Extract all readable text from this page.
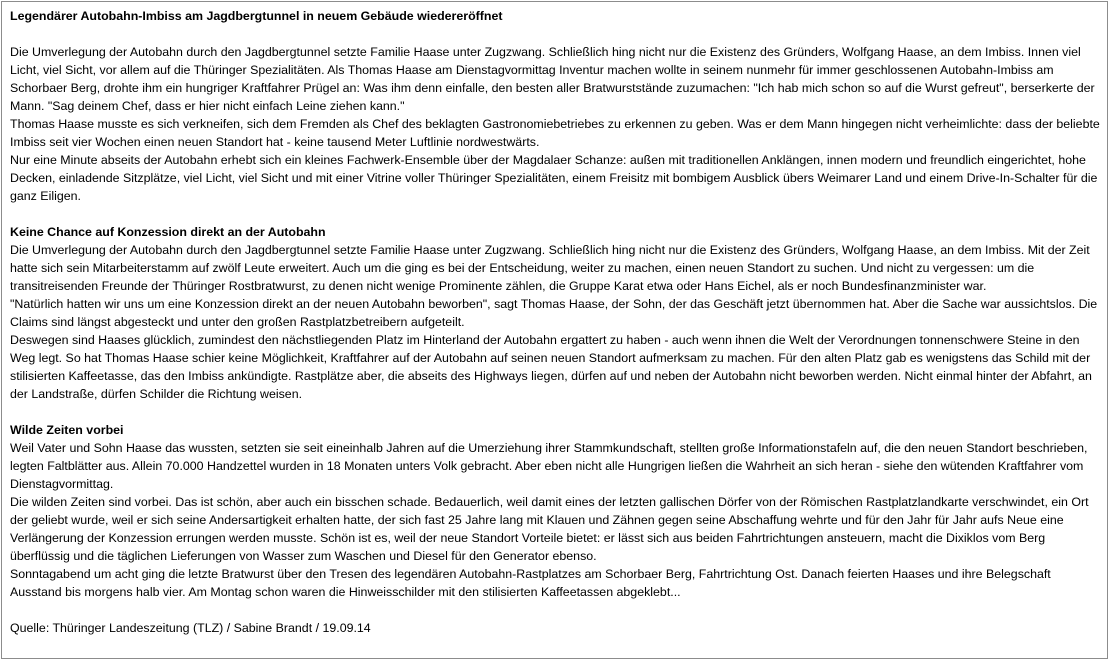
Legendärer Autobahn-Imbiss am Jagdbergtunnel in neuem Gebäude wiedereröffnet
Die Umverlegung der Autobahn durch den Jagdbergtunnel setzte Familie Haase unter Zugzwang. Schließlich hing nicht nur die Existenz des Gründers, Wolfgang Haase, an dem Imbiss. Innen viel Licht, viel Sicht, vor allem auf die Thüringer Spezialitäten. Als Thomas Haase am Dienstagvormittag Inventur machen wollte in seinem nunmehr für immer geschlossenen Autobahn-Imbiss am Schorbaer Berg, drohte ihm ein hungriger Kraftfahrer Prügel an: Was ihm denn einfalle, den besten aller Bratwurststände zuzumachen: "Ich hab mich schon so auf die Wurst gefreut", berserkerte der Mann. "Sag deinem Chef, dass er hier nicht einfach Leine ziehen kann."
Thomas Haase musste es sich verkneifen, sich dem Fremden als Chef des beklagten Gastronomiebetriebes zu erkennen zu geben. Was er dem Mann hingegen nicht verheimlichte: dass der beliebte Imbiss seit vier Wochen einen neuen Standort hat - keine tausend Meter Luftlinie nordwestwärts.
Nur eine Minute abseits der Autobahn erhebt sich ein kleines Fachwerk-Ensemble über der Magdalaer Schanze: außen mit traditionellen Anklängen, innen modern und freundlich eingerichtet, hohe Decken, einladende Sitzplätze, viel Licht, viel Sicht und mit einer Vitrine voller Thüringer Spezialitäten, einem Freisitz mit bombigem Ausblick übers Weimarer Land und einem Drive-In-Schalter für die ganz Eiligen.
Keine Chance auf Konzession direkt an der Autobahn
Die Umverlegung der Autobahn durch den Jagdbergtunnel setzte Familie Haase unter Zugzwang. Schließlich hing nicht nur die Existenz des Gründers, Wolfgang Haase, an dem Imbiss. Mit der Zeit hatte sich sein Mitarbeiterstamm auf zwölf Leute erweitert. Auch um die ging es bei der Entscheidung, weiter zu machen, einen neuen Standort zu suchen. Und nicht zu vergessen: um die transitreisenden Freunde der Thüringer Rostbratwurst, zu denen nicht wenige Prominente zählen, die Gruppe Karat etwa oder Hans Eichel, als er noch Bundesfinanzminister war.
"Natürlich hatten wir uns um eine Konzession direkt an der neuen Autobahn beworben", sagt Thomas Haase, der Sohn, der das Geschäft jetzt übernommen hat. Aber die Sache war aussichtslos. Die Claims sind längst abgesteckt und unter den großen Rastplatzbetreibern aufgeteilt.
Deswegen sind Haases glücklich, zumindest den nächstliegenden Platz im Hinterland der Autobahn ergattert zu haben - auch wenn ihnen die Welt der Verordnungen tonnenschwere Steine in den Weg legt. So hat Thomas Haase schier keine Möglichkeit, Kraftfahrer auf der Autobahn auf seinen neuen Standort aufmerksam zu machen. Für den alten Platz gab es wenigstens das Schild mit der stilisierten Kaffeetasse, das den Imbiss ankündigte. Rastplätze aber, die abseits des Highways liegen, dürfen auf und neben der Autobahn nicht beworben werden. Nicht einmal hinter der Abfahrt, an der Landstraße, dürfen Schilder die Richtung weisen.
Wilde Zeiten vorbei
Weil Vater und Sohn Haase das wussten, setzten sie seit eineinhalb Jahren auf die Umerziehung ihrer Stammkundschaft, stellten große Informationstafeln auf, die den neuen Standort beschrieben, legten Faltblätter aus. Allein 70.000 Handzettel wurden in 18 Monaten unters Volk gebracht. Aber eben nicht alle Hungrigen ließen die Wahrheit an sich heran - siehe den wütenden Kraftfahrer vom Dienstagvormittag.
Die wilden Zeiten sind vorbei. Das ist schön, aber auch ein bisschen schade. Bedauerlich, weil damit eines der letzten gallischen Dörfer von der Römischen Rastplatzlandkarte verschwindet, ein Ort der geliebt wurde, weil er sich seine Andersartigkeit erhalten hatte, der sich fast 25 Jahre lang mit Klauen und Zähnen gegen seine Abschaffung wehrte und für den Jahr für Jahr aufs Neue eine Verlängerung der Konzession errungen werden musste. Schön ist es, weil der neue Standort Vorteile bietet: er lässt sich aus beiden Fahrtrichtungen ansteuern, macht die Dixiklos vom Berg überflüssig und die täglichen Lieferungen von Wasser zum Waschen und Diesel für den Generator ebenso.
Sonntagabend um acht ging die letzte Bratwurst über den Tresen des legendären Autobahn-Rastplatzes am Schorbaer Berg, Fahrtrichtung Ost. Danach feierten Haases und ihre Belegschaft Ausstand bis morgens halb vier. Am Montag schon waren die Hinweisschilder mit den stilisierten Kaffeetassen abgeklebt...
Quelle: Thüringer Landeszeitung (TLZ) / Sabine Brandt / 19.09.14
